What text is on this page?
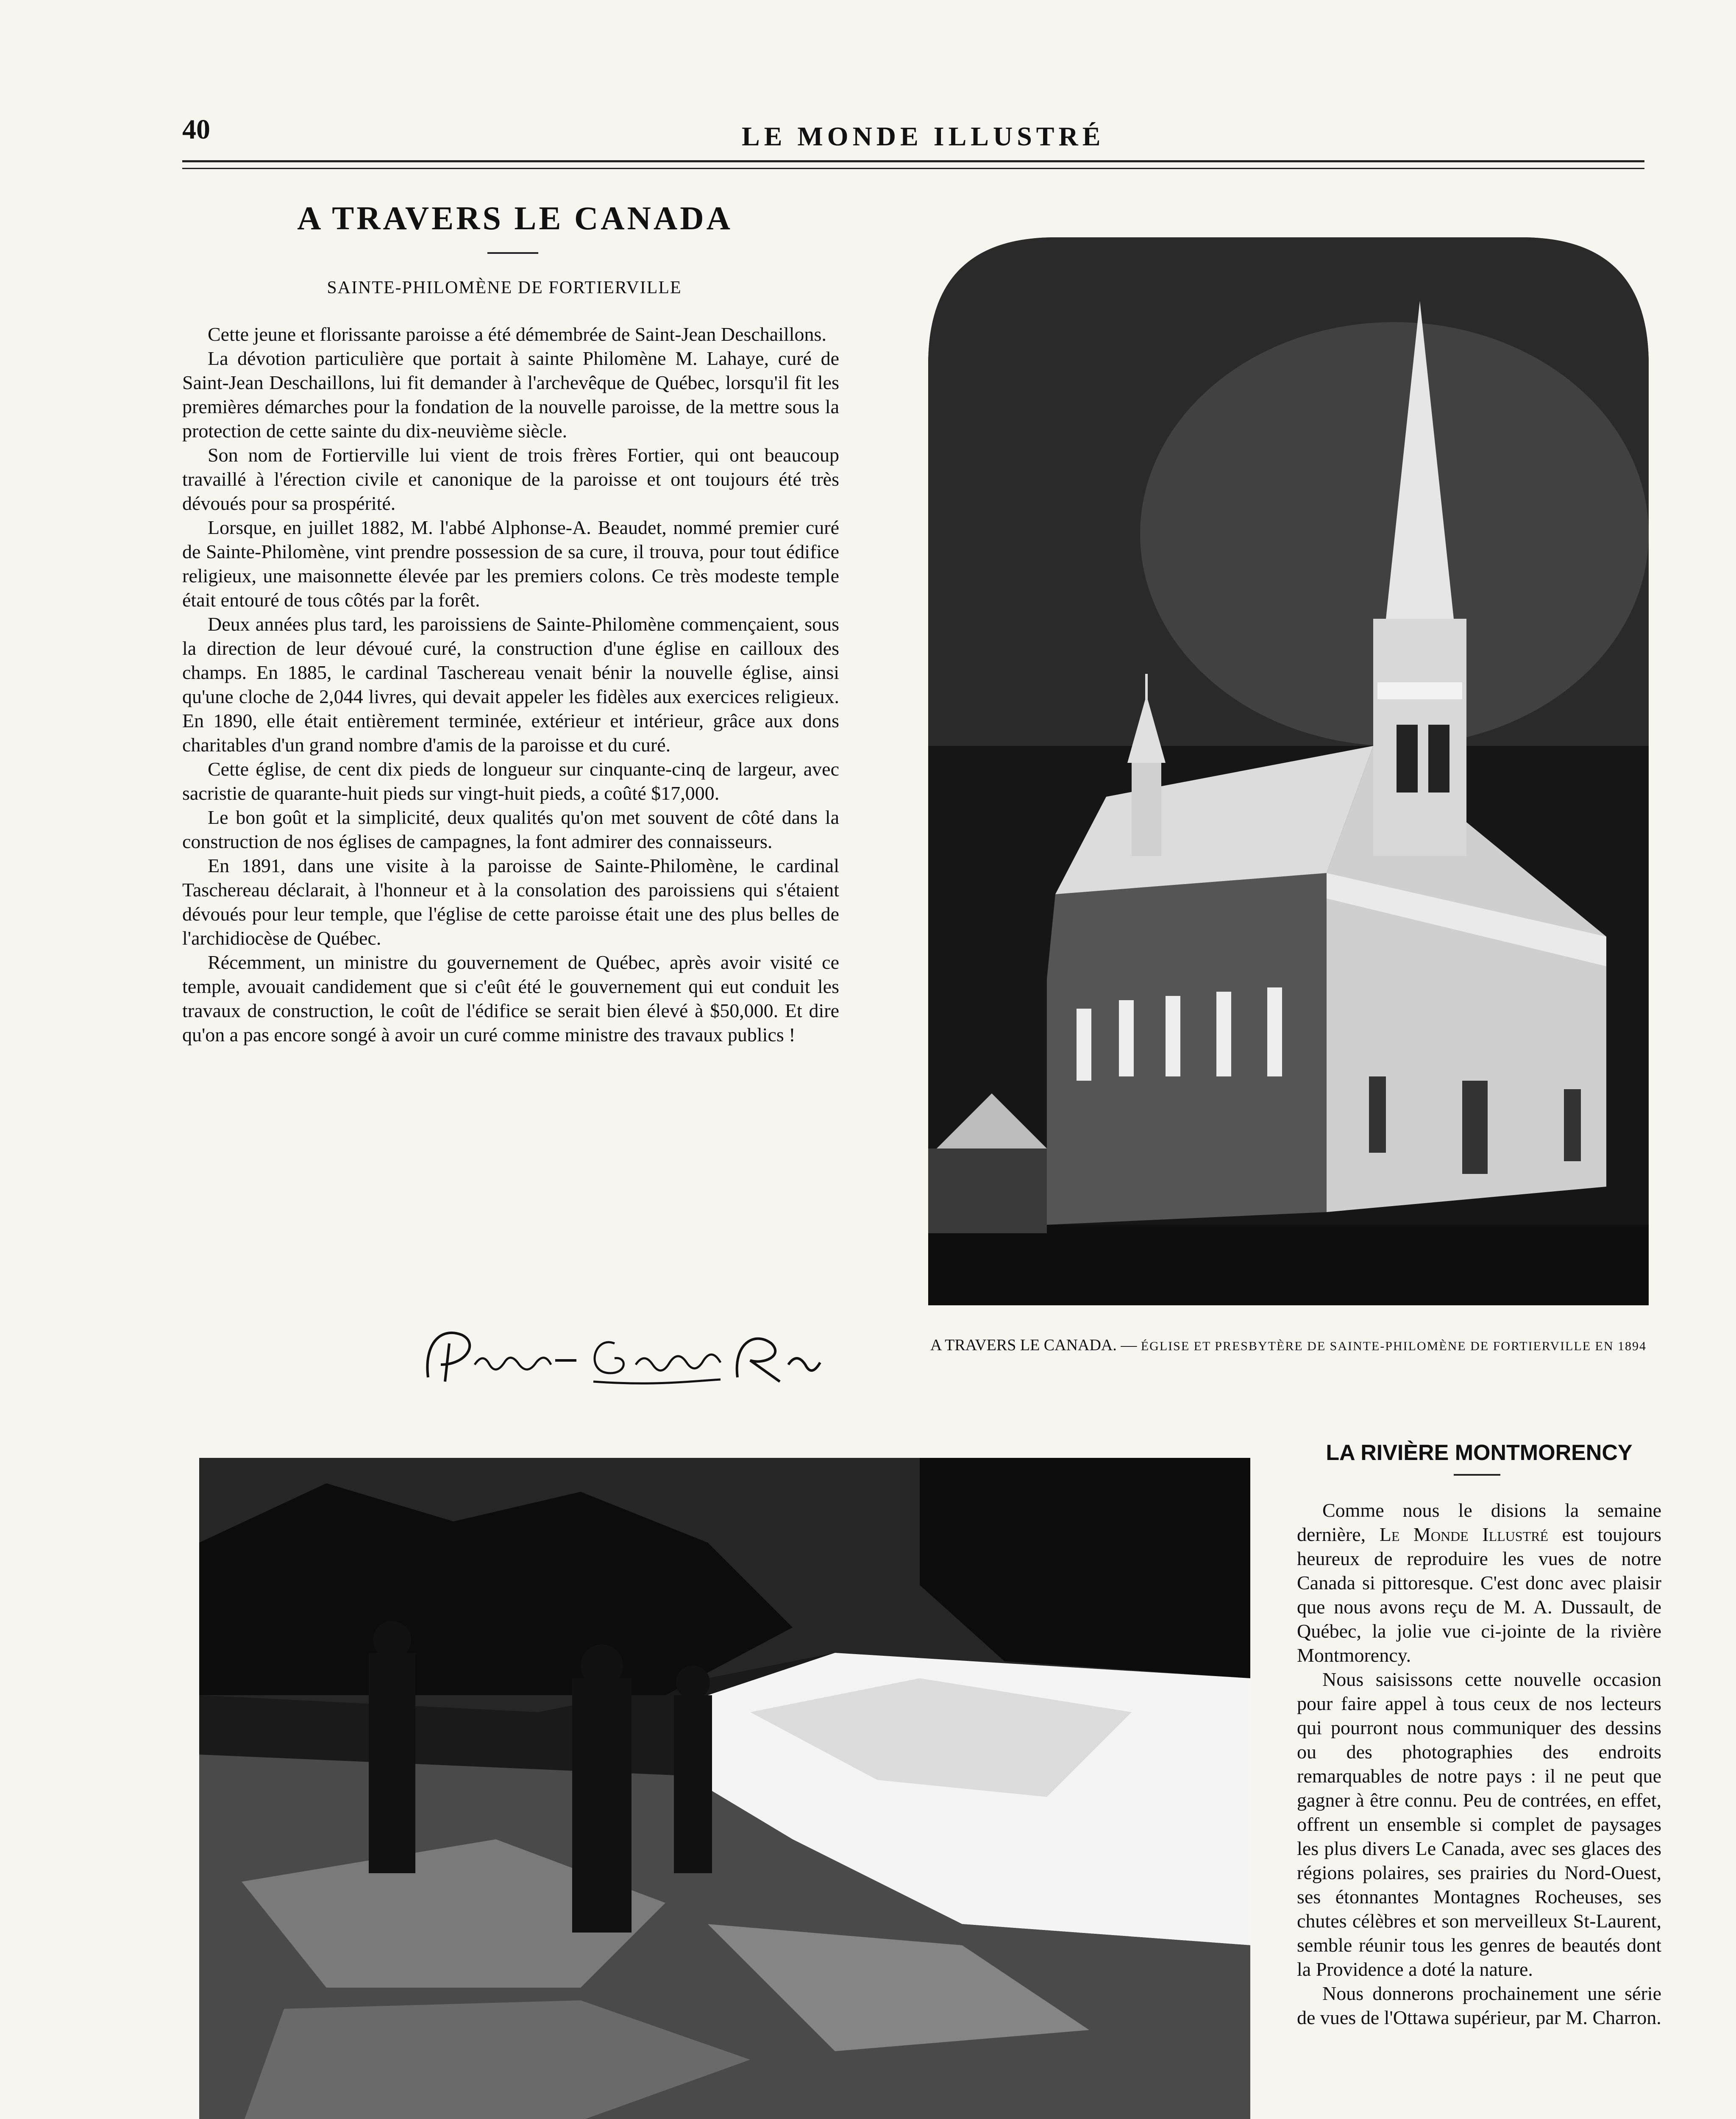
40	LE MONDE ILLUSTRÉ
A TRAVERS LE CANADA
SAINTE-PHILOMÈNE DE FORTIERVILLE

Cette jeune et florissante paroisse a été démembrée de Saint-Jean Deschaillons.

La dévotion particulière que portait à sainte Philomène M. Lahaye, curé de Saint-Jean Deschaillons, lui fit demander à l'archevêque de Québec, lorsqu'il fit les premières démarches pour la fondation de la nouvelle paroisse, de la mettre sous la protection de cette sainte du dix-neuvième siècle.

Son nom de Fortierville lui vient de trois frères Fortier, qui ont beaucoup travaillé à l'érection civile et canonique de la paroisse et ont toujours été très dévoués pour sa prospérité.

Lorsque, en juillet 1882, M. l'abbé Alphonse-A. Beaudet, nommé premier curé de Sainte-Philomène, vint prendre possession de sa cure, il trouva, pour tout édifice religieux, une maisonnette élevée par les premiers colons. Ce très modeste temple était entouré de tous côtés par la forêt.

Deux années plus tard, les paroissiens de Sainte-Philomène commençaient, sous la direction de leur dévoué curé, la construction d'une église en cailloux des champs. En 1885, le cardinal Taschereau venait bénir la nouvelle église, ainsi qu'une cloche de 2,044 livres, qui devait appeler les fidèles aux exercices religieux. En 1890, elle était entièrement terminée, extérieur et intérieur, grâce aux dons charitables d'un grand nombre d'amis de la paroisse et du curé.

Cette église, de cent dix pieds de longueur sur cinquante-cinq de largeur, avec sacristie de quarante-huit pieds sur vingt-huit pieds, a coûté $17,000.

Le bon goût et la simplicité, deux qualités qu'on met souvent de côté dans la construction de nos églises de campagnes, la font admirer des connaisseurs.

En 1891, dans une visite à la paroisse de Sainte-Philomène, le cardinal Taschereau déclarait, à l'honneur et à la consolation des paroissiens qui s'étaient dévoués pour leur temple, que l'église de cette paroisse était une des plus belles de l'archidiocèse de Québec.

Récemment, un ministre du gouvernement de Québec, après avoir visité ce temple, avouait candidement que si c'eût été le gouvernement qui eut conduit les travaux de construction, le coût de l'édifice se serait bien élevé à $50,000. Et dire qu'on a pas encore songé à avoir un curé comme ministre des travaux publics !

A TRAVERS LE CANADA. — ÉGLISE ET PRESBYTÈRE DE SAINTE-PHILOMÈNE DE FORTIERVILLE EN 1894
LA RIVIÈRE MONTMORENCY

Comme nous le disions la semaine dernière, Le Monde Illustré est toujours heureux de reproduire les vues de notre Canada si pittoresque. C'est donc avec plaisir que nous avons reçu de M. A. Dussault, de Québec, la jolie vue ci-jointe de la rivière Montmorency.

Nous saisissons cette nouvelle occasion pour faire appel à tous ceux de nos lecteurs qui pourront nous communiquer des dessins ou des photographies des endroits remarquables de notre pays : il ne peut que gagner à être connu. Peu de contrées, en effet, offrent un ensemble si complet de paysages les plus divers Le Canada, avec ses glaces des régions polaires, ses prairies du Nord-Ouest, ses étonnantes Montagnes Rocheuses, ses chutes célèbres et son merveilleux St-Laurent, semble réunir tous les genres de beautés dont la Providence a doté la nature.

Nous donnerons prochainement une série de vues de l'Ottawa supérieur, par M. Charron.
